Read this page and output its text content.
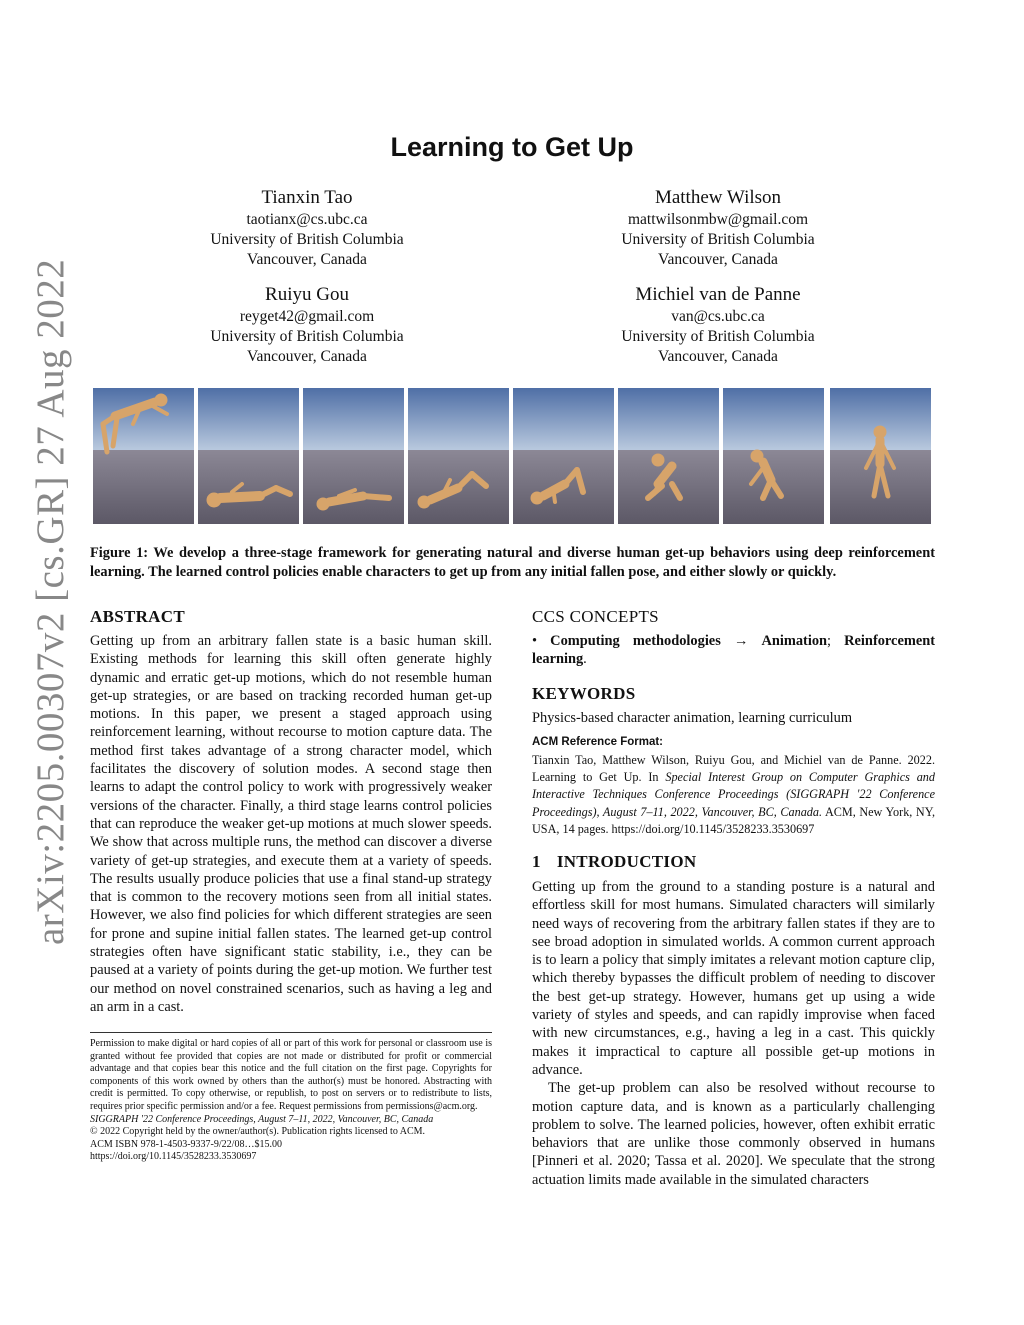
arXiv:2205.00307v2 [cs.GR] 27 Aug 2022
Learning to Get Up
Tianxin Tao
taotianx@cs.ubc.ca
University of British Columbia
Vancouver, Canada
Matthew Wilson
mattwilsonmbw@gmail.com
University of British Columbia
Vancouver, Canada
Ruiyu Gou
reyget42@gmail.com
University of British Columbia
Vancouver, Canada
Michiel van de Panne
van@cs.ubc.ca
University of British Columbia
Vancouver, Canada
Figure 1: We develop a three-stage framework for generating natural and diverse human get-up behaviors using deep reinforcement learning. The learned control policies enable characters to get up from any initial fallen pose, and either slowly or quickly.
ABSTRACT
Getting up from an arbitrary fallen state is a basic human skill. Existing methods for learning this skill often generate highly dynamic and erratic get-up motions, which do not resemble human get-up strategies, or are based on tracking recorded human get-up motions. In this paper, we present a staged approach using reinforcement learning, without recourse to motion capture data. The method first takes advantage of a strong character model, which facilitates the discovery of solution modes. A second stage then learns to adapt the control policy to work with progressively weaker versions of the character. Finally, a third stage learns control policies that can reproduce the weaker get-up motions at much slower speeds. We show that across multiple runs, the method can discover a diverse variety of get-up strategies, and execute them at a variety of speeds. The results usually produce policies that use a final stand-up strategy that is common to the recovery motions seen from all initial states. However, we also find policies for which different strategies are seen for prone and supine initial fallen states. The learned get-up control strategies often have significant static stability, i.e., they can be paused at a variety of points during the get-up motion. We further test our method on novel constrained scenarios, such as having a leg and an arm in a cast.

Permission to make digital or hard copies of all or part of this work for personal or classroom use is granted without fee provided that copies are not made or distributed for profit or commercial advantage and that copies bear this notice and the full citation on the first page. Copyrights for components of this work owned by others than the author(s) must be honored. Abstracting with credit is permitted. To copy otherwise, or republish, to post on servers or to redistribute to lists, requires prior specific permission and/or a fee. Request permissions from permissions@acm.org.

SIGGRAPH '22 Conference Proceedings, August 7–11, 2022, Vancouver, BC, Canada

© 2022 Copyright held by the owner/author(s). Publication rights licensed to ACM.

ACM ISBN 978-1-4503-9337-9/22/08…$15.00

https://doi.org/10.1145/3528233.3530697

CCS CONCEPTS
• Computing methodologies → Animation; Reinforcement learning.
KEYWORDS
Physics-based character animation, learning curriculum
ACM Reference Format:
Tianxin Tao, Matthew Wilson, Ruiyu Gou, and Michiel van de Panne. 2022. Learning to Get Up. In Special Interest Group on Computer Graphics and Interactive Techniques Conference Proceedings (SIGGRAPH '22 Conference Proceedings), August 7–11, 2022, Vancouver, BC, Canada. ACM, New York, NY, USA, 14 pages. https://doi.org/10.1145/3528233.3530697
1 INTRODUCTION

Getting up from the ground to a standing posture is a natural and effortless skill for most humans. Simulated characters will similarly need ways of recovering from the arbitrary fallen states if they are to see broad adoption in simulated worlds. A common current approach is to learn a policy that simply imitates a relevant motion capture clip, which thereby bypasses the difficult problem of needing to discover the best get-up strategy. However, humans get up using a wide variety of styles and speeds, and can rapidly improvise when faced with new circumstances, e.g., having a leg in a cast. This quickly makes it impractical to capture all possible get-up motions in advance.

The get-up problem can also be resolved without recourse to motion capture data, and is known as a particularly challenging problem to solve. The learned policies, however, often exhibit erratic behaviors that are unlike those commonly observed in humans [Pinneri et al. 2020; Tassa et al. 2020]. We speculate that the strong actuation limits made available in the simulated characters
